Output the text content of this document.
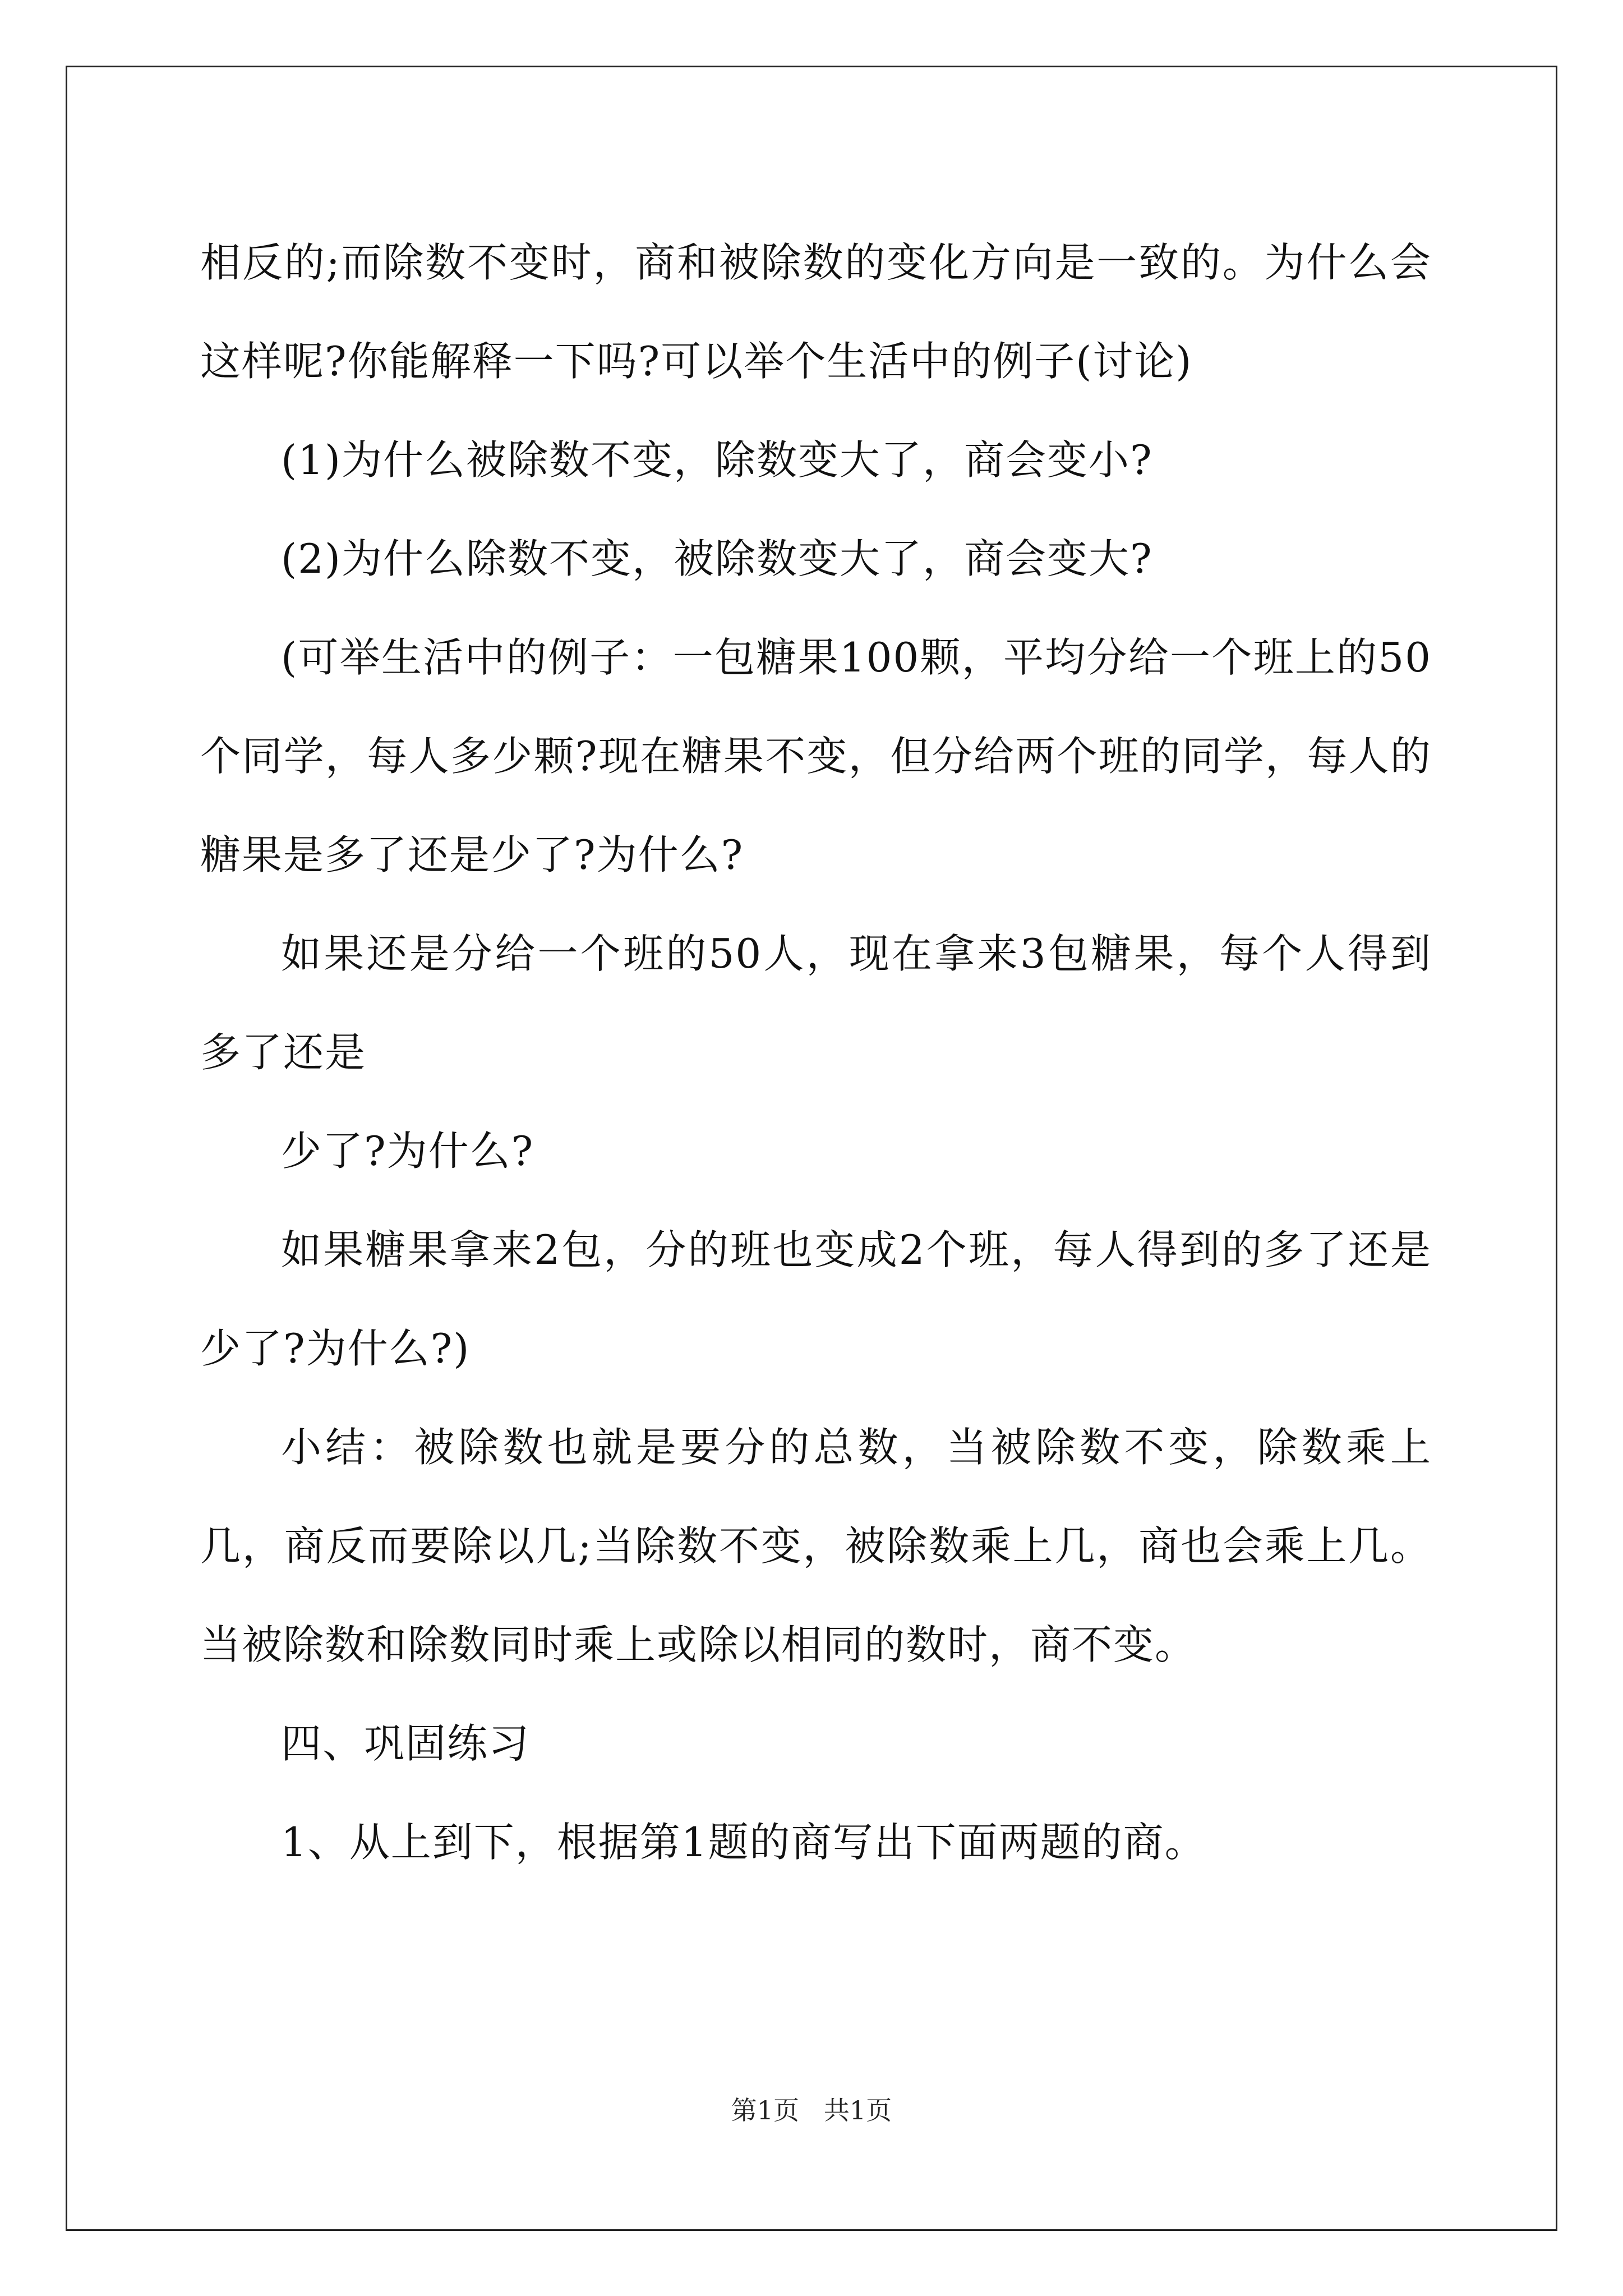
相反的;而除数不变时，商和被除数的变化方向是一致的。为什么会这样呢?你能解释一下吗?可以举个生活中的例子(讨论)

(1)为什么被除数不变，除数变大了，商会变小?

(2)为什么除数不变，被除数变大了，商会变大?

(可举生活中的例子：一包糖果100颗，平均分给一个班上的50个同学，每人多少颗?现在糖果不变，但分给两个班的同学，每人的糖果是多了还是少了?为什么?

如果还是分给一个班的50人，现在拿来3包糖果，每个人得到多了还是

少了?为什么?

如果糖果拿来2包，分的班也变成2个班，每人得到的多了还是少了?为什么?)

小结：被除数也就是要分的总数，当被除数不变，除数乘上几，商反而要除以几;当除数不变，被除数乘上几，商也会乘上几。当被除数和除数同时乘上或除以相同的数时，商不变。

四、巩固练习

1、从上到下，根据第1题的商写出下面两题的商。

第1页   共1页
